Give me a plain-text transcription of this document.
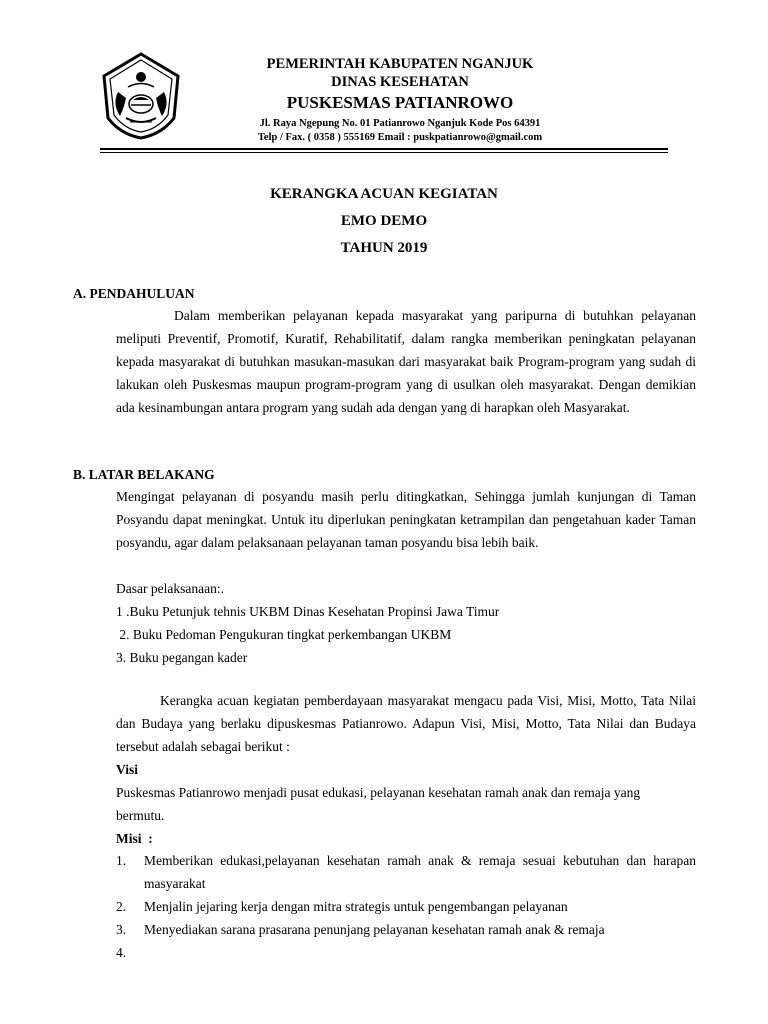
PEMERINTAH KABUPATEN NGANJUK
DINAS KESEHATAN
PUSKESMAS PATIANROWO
Jl. Raya Ngepung No. 01 Patianrowo Nganjuk Kode Pos 64391
Telp / Fax. ( 0358 ) 555169 Email : puskpatianrowo@gmail.com
KERANGKA ACUAN KEGIATAN
EMO DEMO
TAHUN 2019
A. PENDAHULUAN
Dalam memberikan pelayanan kepada masyarakat yang paripurna di butuhkan pelayanan meliputi Preventif, Promotif, Kuratif, Rehabilitatif, dalam rangka memberikan peningkatan pelayanan kepada masyarakat di butuhkan masukan-masukan dari masyarakat baik Program-program yang sudah di lakukan oleh Puskesmas maupun program-program yang di usulkan oleh masyarakat. Dengan demikian ada kesinambungan antara program yang sudah ada dengan yang di harapkan oleh Masyarakat.
B. LATAR BELAKANG
Mengingat pelayanan di posyandu masih perlu ditingkatkan, Sehingga jumlah kunjungan di Taman Posyandu dapat meningkat. Untuk itu diperlukan peningkatan ketrampilan dan pengetahuan kader Taman posyandu, agar dalam pelaksanaan pelayanan taman posyandu bisa lebih baik.
Dasar pelaksanaan:.
1 .Buku Petunjuk tehnis UKBM Dinas Kesehatan Propinsi Jawa Timur
2. Buku Pedoman Pengukuran tingkat perkembangan UKBM
3. Buku pegangan kader
Kerangka acuan kegiatan pemberdayaan masyarakat mengacu pada Visi, Misi, Motto, Tata Nilai dan Budaya yang berlaku dipuskesmas Patianrowo. Adapun Visi, Misi, Motto, Tata Nilai dan Budaya tersebut adalah sebagai berikut :
Visi
Puskesmas Patianrowo menjadi pusat edukasi, pelayanan kesehatan ramah anak dan remaja yang bermutu.
Misi  :
1. Memberikan edukasi,pelayanan kesehatan ramah anak & remaja sesuai kebutuhan dan harapan masyarakat
2. Menjalin jejaring kerja dengan mitra strategis untuk pengembangan pelayanan
3. Menyediakan sarana prasarana penunjang pelayanan kesehatan ramah anak & remaja
4.
